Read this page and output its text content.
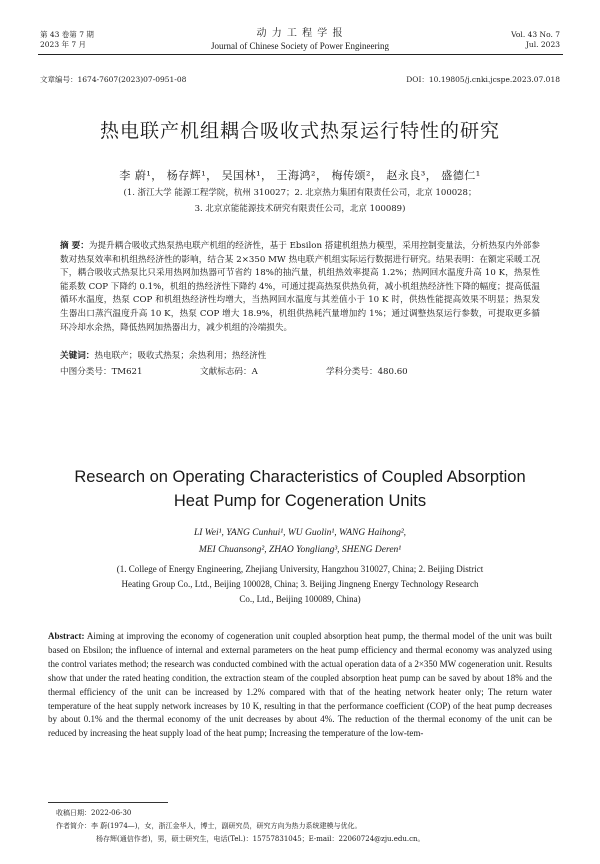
第 43 卷第 7 期
2023 年 7 月
动 力 工 程 学 报
Journal of Chinese Society of Power Engineering
Vol. 43 No. 7
Jul. 2023
文章编号：1674-7607(2023)07-0951-08	DOI：10.19805/j.cnki.jcspe.2023.07.018
热电联产机组耦合吸收式热泵运行特性的研究
李 蔚¹， 杨存辉¹， 吴国林¹， 王海鸿²， 梅传颂²， 赵永良³， 盛德仁¹
(1. 浙江大学 能源工程学院，杭州 310027；2. 北京热力集团有限责任公司，北京 100028；
3. 北京京能能源技术研究有限责任公司，北京 100089)
摘 要：为提升耦合吸收式热泵热电联产机组的经济性，基于 Ebsilon 搭建机组热力模型，采用控制变量法，分析热泵内外部参数对热泵效率和机组热经济性的影响，结合某 2×350 MW 热电联产机组实际运行数据进行研究。结果表明：在额定采暖工况下，耦合吸收式热泵比只采用热网加热器可节省约 18%的抽汽量，机组热效率提高 1.2%；热网回水温度升高 10 K，热泵性能系数 COP 下降约 0.1%，机组的热经济性下降约 4%，可通过提高热泵供热负荷，减小机组热经济性下降的幅度；提高低温循环水温度，热泵 COP 和机组热经济性均增大，当热网回水温度与其差值小于 10 K 时，供热性能提高效果不明显；热泵发生器出口蒸汽温度升高 10 K，热泵 COP 增大 18.9%，机组供热耗汽量增加约 1%；通过调整热泵运行参数，可提取更多循环冷却水余热，降低热网加热器出力，减少机组的冷端损失。
关键词：热电联产；吸收式热泵；余热利用；热经济性
中图分类号：TM621	文献标志码：A	学科分类号：480.60
Research on Operating Characteristics of Coupled Absorption
Heat Pump for Cogeneration Units
LI Wei¹, YANG Cunhui¹, WU Guolin¹, WANG Haihong²,
MEI Chuansong², ZHAO Yongliang³, SHENG Deren¹
(1. College of Energy Engineering, Zhejiang University, Hangzhou 310027, China; 2. Beijing District
Heating Group Co., Ltd., Beijing 100028, China; 3. Beijing Jingneng Energy Technology Research
Co., Ltd., Beijing 100089, China)
Abstract: Aiming at improving the economy of cogeneration unit coupled absorption heat pump, the thermal model of the unit was built based on Ebsilon; the influence of internal and external parameters on the heat pump efficiency and thermal economy was analyzed using the control variates method; the research was conducted combined with the actual operation data of a 2×350 MW cogeneration unit. Results show that under the rated heating condition, the extraction steam of the coupled absorption heat pump can be saved by about 18% and the thermal efficiency of the unit can be increased by 1.2% compared with that of the heating network heater only; The return water temperature of the heat supply network increases by 10 K, resulting in that the performance coefficient (COP) of the heat pump decreases by about 0.1% and the thermal economy of the unit decreases by about 4%. The reduction of the thermal economy of the unit can be reduced by increasing the heat supply load of the heat pump; Increasing the temperature of the low-tem-
收稿日期：2022-06-30
作者简介：李 蔚(1974—)，女，浙江金华人，博士，副研究员，研究方向为热力系统建模与优化。
杨存辉(通信作者)，男，硕士研究生，电话(Tel.)：15757831045；E-mail：22060724@zju.edu.cn。
